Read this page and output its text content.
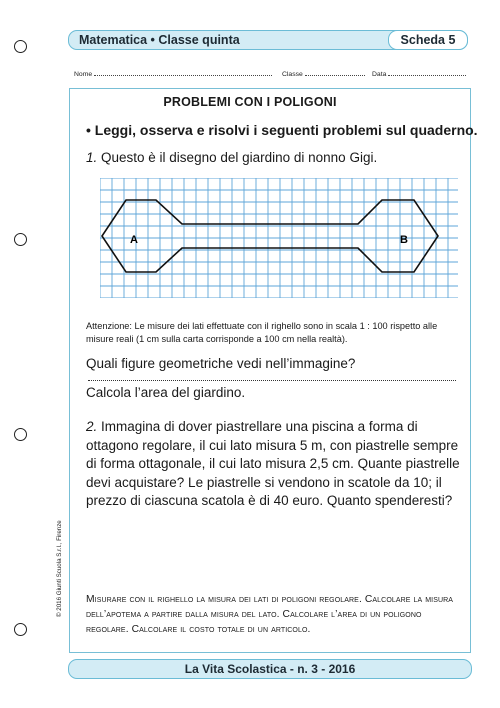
Matematica • Classe quinta	Scheda 5
Nome	Classe	Data
PROBLEMI CON I POLIGONI
• Leggi, osserva e risolvi i seguenti problemi sul quaderno.
1. Questo è il disegno del giardino di nonno Gigi.
A	B
Attenzione: Le misure dei lati effettuate con il righello sono in scala 1 : 100 rispetto alle misure reali (1 cm sulla carta corrisponde a 100 cm nella realtà).
Quali figure geometriche vedi nell’immagine?
Calcola l’area del giardino.
2. Immagina di dover piastrellare una piscina a forma di ottagono regolare, il cui lato misura 5 m, con piastrelle sempre di forma ottagonale, il cui lato misura 2,5 cm. Quante piastrelle devi acquistare? Le piastrelle si vendono in scatole da 10; il prezzo di ciascuna scatola è di 40 euro. Quanto spenderesti?
Misurare con il righello la misura dei lati di poligoni regolare. Calcolare la misura dell’apotema a partire dalla misura del lato. Calcolare l’area di un poligono regolare. Calcolare il costo totale di un articolo.
© 2016 Giunti Scuola S.r.l., Firenze
La Vita Scolastica - n. 3 - 2016
